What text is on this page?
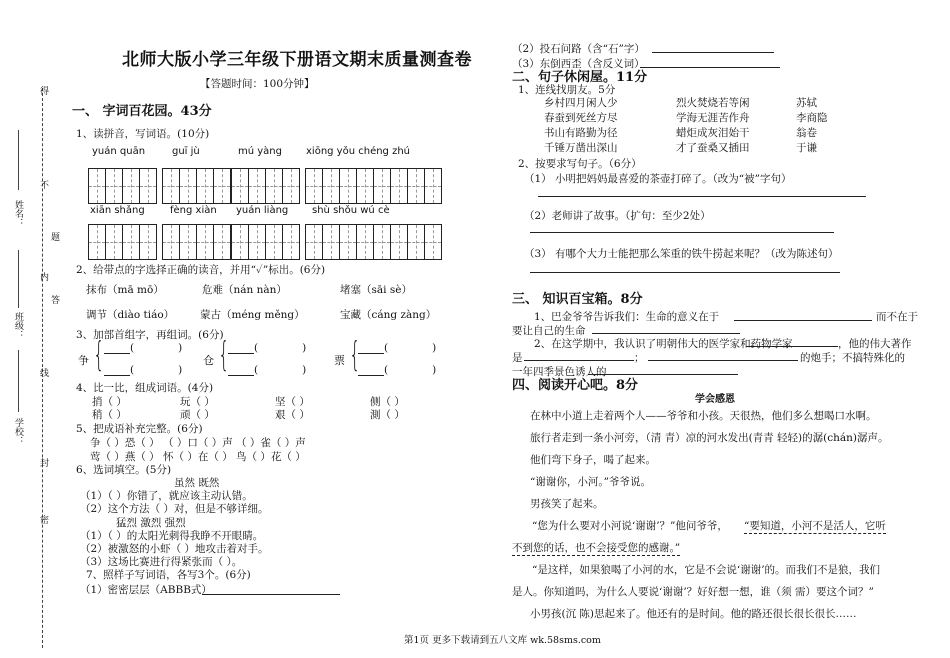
得
不
题
内
答
线
封
密
姓名：
班级：
学校：
北师大版小学三年级下册语文期末质量测查卷
【答题时间：100分钟】
一、 字词百花园。43分
1、读拼音，写词语。(10分)
yuán quān	guī jù	mú yàng xiōng yǒu chéng zhú
xiān shǎng	fèng xiàn yuán liàng shù shǒu wú cè
2、给带点的字选择正确的读音，并用“✓”标出。(6分)
抹布（mā mō）	危难（nán nàn）	堵塞（sāi sè）
调节（diào tiáo） 蒙古（méng měng）	宝藏（cáng zàng）
3、加部首组字，再组词。(6分)
争 {	(	)
(	)
仓 {	(	)
(	)
票 {	(	)
(	)
4、比一比，组成词语。(4分)
捎（ ）	玩（ ）	坚（ ）	侧（ ）
稍（ ）	顽（ ）	艰（ ）	測（ ）
5、把成语补充完整。(6分)
争（ ）恐（ ） （ ）口（ ）声 （ ）雀（ ）声
莺（ ）燕（ ） 怀（ ）在（ ） 鸟（ ）花（ ）
6、选词填空。(5分)
虽然 既然
（1）（ ）你错了，就应该主动认错。
（2）这个方法（ ）对，但是不够详细。
猛烈 激烈 强烈
（1）（ ）的太阳光刺得我睁不开眼睛。
（2）被激怒的小虾（ ）地攻击着对手。
（3）这场比赛进行得紧张而（ ）。
7、照样子写词语，各写3个。(6分)
（1）密密层层（ABBB式）
（2）投石问路（含“石”字）
（3）东倒西歪（含反义词）
二、句子休闲屋。11分
1、连线找朋友。5分
乡村四月闲人少	烈火焚烧若等闲	苏轼
春蚕到死丝方尽	学海无涯苦作舟	李商隐
书山有路勤为径	蜡炬成灰泪始干	翁卷
千锤万凿出深山	才了蚕桑又插田	于谦
2、按要求写句子。（6分）
（1） 小明把妈妈最喜爱的茶壶打碎了。（改为“被”字句）
（2）老师讲了故事。（扩句：至少2处）
（3） 有哪个大力士能把那么笨重的铁牛捞起来呢？（改为陈述句）
三、 知识百宝箱。8分
1、巴金爷爷告诉我们：生命的意义在于	而不在于
要让自己的生命
2、在这学期中，我认识了明朝伟大的医学家和药物学家	，他的伟大著作
是	；	的炮手；不搞特殊化的
一年四季景色诱人的
四、阅读开心吧。8分
学会感恩
在林中小道上走着两个人——爷爷和小孩。天很热，他们多么想喝口水啊。
旅行者走到一条小河旁，（清 青）凉的河水发出(青青 轻轻)的潺(chán)潺声。
他们弯下身子，喝了起来。
“谢谢你，小河。”爷爷说。
男孩笑了起来。
“您为什么要对小河说‘谢谢’？”他问爷爷， “要知道，小河不是活人，它听
不到您的话，也不会接受您的感谢。”
“是这样，如果狼喝了小河的水，它是不会说‘谢谢’的。而我们不是狼，我们
是人。你知道吗，为什么人要说‘谢谢’？好好想一想，谁（须 需）要这个词？”
小男孩(沉 陈)思起来了。他还有的是时间。他的路还很长很长很长……
第1页 更多下载请到五八文库 wk.58sms.com
